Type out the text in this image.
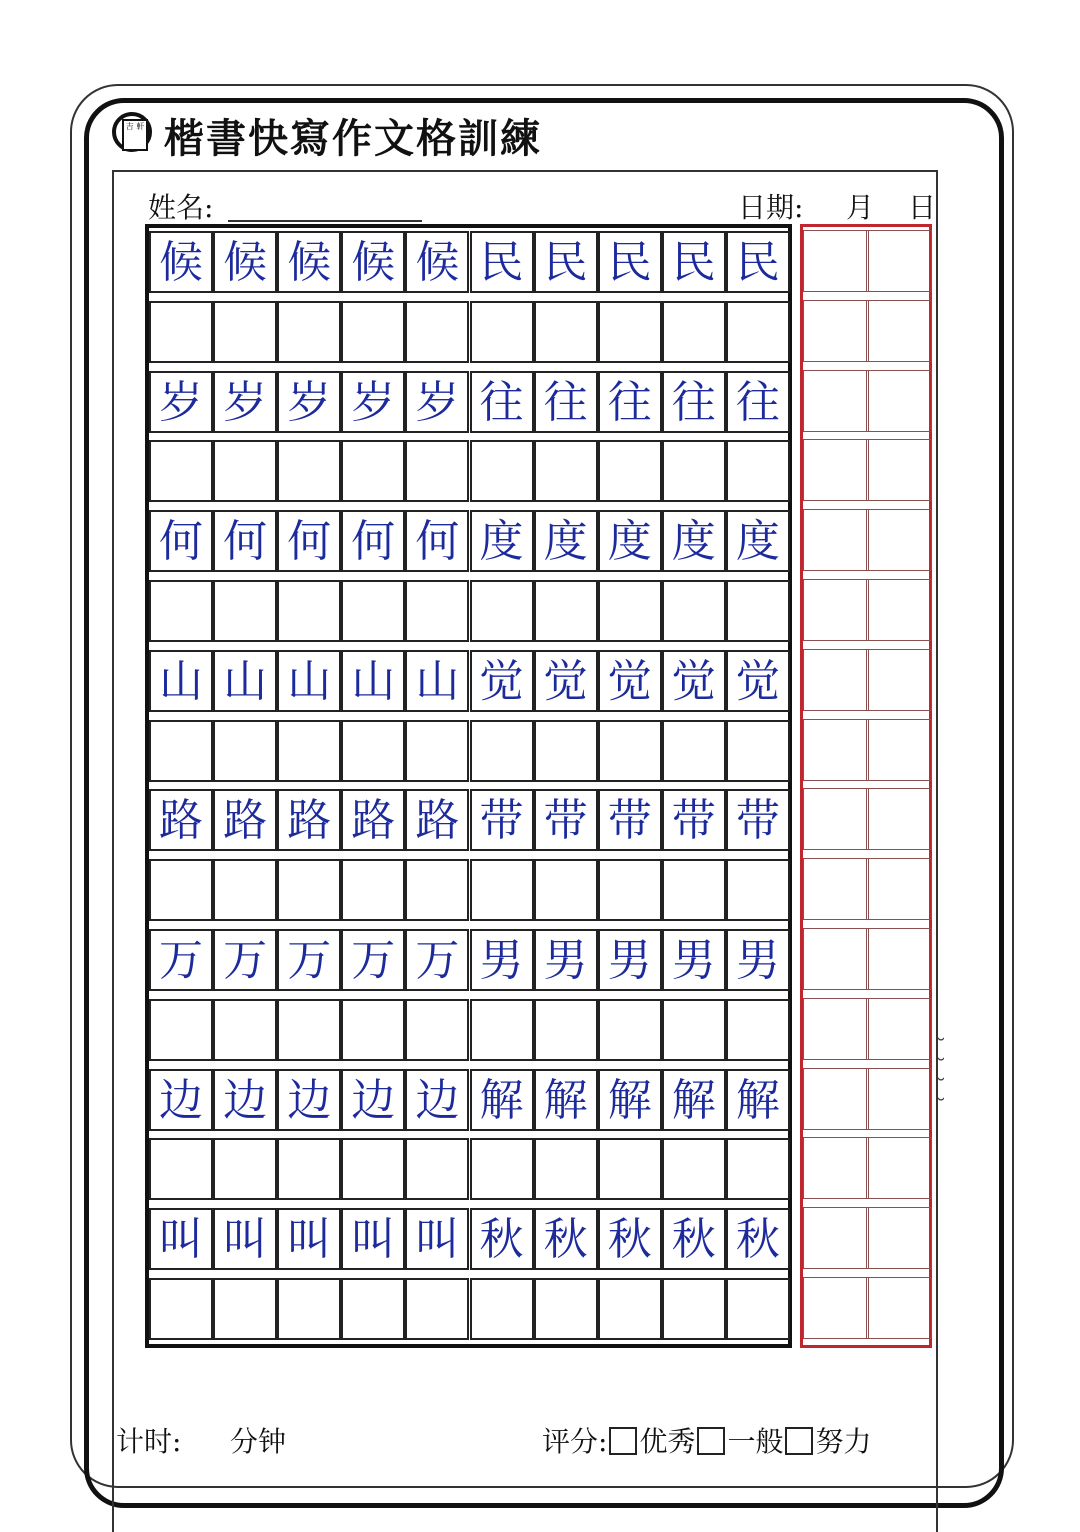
吉 軒 楷書快寫作文格訓練
姓名:	日期: 月 日
候 候 候 候 候 民 民 民 民 民
岁 岁 岁 岁 岁 往 往 往 往 往
何 何 何 何 何 度 度 度 度 度
山 山 山 山 山 觉 觉 觉 觉 觉
路 路 路 路 路 带 带 带 带 带
万 万 万 万 万 男 男 男 男 男
边 边 边 边 边 解 解 解 解 解
叫 叫 叫 叫 叫 秋 秋 秋 秋 秋
˘
˘
˘
˘
计时: 分钟	评分: 优秀 一般 努力
